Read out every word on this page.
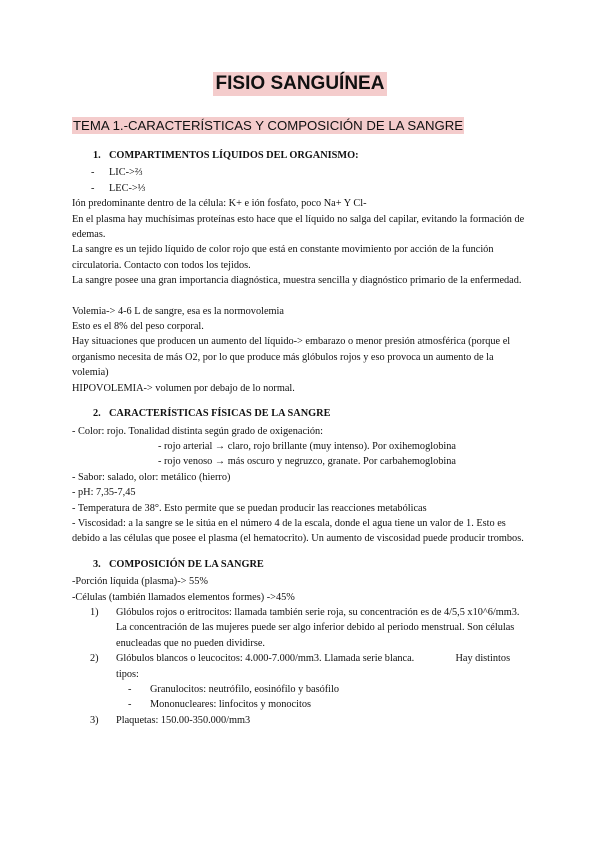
FISIO SANGUÍNEA
TEMA 1.-CARACTERÍSTICAS Y COMPOSICIÓN DE LA SANGRE

1. COMPARTIMENTOS LÍQUIDOS DEL ORGANISMO:

- LIC->⅔

- LEC->⅓

Ión predominante dentro de la célula: K+ e ión fosfato, poco Na+ Y Cl-

En el plasma hay muchísimas proteínas esto hace que el líquido no salga del capilar, evitando la formación de edemas.

La sangre es un tejido líquido de color rojo que está en constante movimiento por acción de la función circulatoria. Contacto con todos los tejidos.

La sangre posee una gran importancia diagnóstica, muestra sencilla y diagnóstico primario de la enfermedad.

Volemia-> 4-6 L de sangre, esa es la normovolemia

Esto es el 8% del peso corporal.

Hay situaciones que producen un aumento del líquido-> embarazo o menor presión atmosférica (porque el organismo necesita de más O2, por lo que produce más glóbulos rojos y eso provoca un aumento de la volemia)

HIPOVOLEMIA-> volumen por debajo de lo normal.

2. CARACTERÍSTICAS FÍSICAS DE LA SANGRE

- Color: rojo. Tonalidad distinta según grado de oxigenación:

- rojo arterial → claro, rojo brillante (muy intenso). Por oxihemoglobina

- rojo venoso → más oscuro y negruzco, granate. Por carbahemoglobina

- Sabor: salado, olor: metálico (hierro)

- pH: 7,35-7,45

- Temperatura de 38°. Esto permite que se puedan producir las reacciones metabólicas

- Viscosidad: a la sangre se le sitúa en el número 4 de la escala, donde el agua tiene un valor de 1. Esto es debido a las células que posee el plasma (el hematocrito). Un aumento de viscosidad puede producir trombos.

3. COMPOSICIÓN DE LA SANGRE

-Porción líquida (plasma)-> 55%

-Células (también llamados elementos formes) ->45%

1)	Glóbulos rojos o eritrocitos: llamada también serie roja, su concentración es de 4/5,5 x10^6/mm3. La concentración de las mujeres puede ser algo inferior debido al periodo menstrual. Son células enucleadas que no pueden dividirse.
2)	Glóbulos blancos o leucocitos: 4.000-7.000/mm3. Llamada serie blanca.                Hay distintos tipos:

- Granulocitos: neutrófilo, eosinófilo y basófilo

- Mononucleares: linfocitos y monocitos

3)	Plaquetas: 150.00-350.000/mm3
